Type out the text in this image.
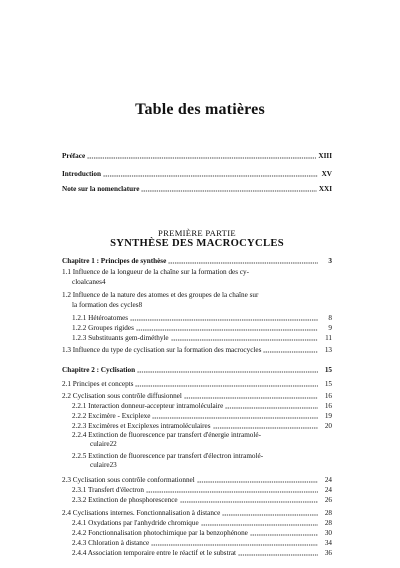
Table des matières
Préface	XIII
Introduction	XV
Note sur la nomenclature	XXI
PREMIÈRE PARTIE
SYNTHÈSE DES MACROCYCLES
Chapitre 1 : Principes de synthèse	3
1.1 Influence de la longueur de la chaîne sur la formation des cy-
cloalcanes 4
1.2 Influence de la nature des atomes et des groupes de la chaîne sur
la formation des cycles 8
1.2.1 Hétéroatomes	8
1.2.2 Groupes rigides	9
1.2.3 Substituants gem-diméthyle	11
1.3 Influence du type de cyclisation sur la formation des macrocycles	13
Chapitre 2 : Cyclisation	15
2.1 Principes et concepts	15
2.2 Cyclisation sous contrôle diffusionnel	16
2.2.1 Interaction donneur-accepteur intramoléculaire	16
2.2.2 Excimère - Exciplexe	19
2.2.3 Excimères et Exciplexes intramoléculaires	20
2.2.4 Extinction de fluorescence par transfert d'énergie intramolé-
culaire 22
2.2.5 Extinction de fluorescence par transfert d'électron intramolé-
culaire 23
2.3 Cyclisation sous contrôle conformationnel	24
2.3.1 Transfert d'électron	24
2.3.2 Extinction de phosphorescence	26
2.4 Cyclisations internes. Fonctionnalisation à distance	28
2.4.1 Oxydations par l'anhydride chromique	28
2.4.2 Fonctionnalisation photochimique par la benzophénone	30
2.4.3 Chloration à distance	34
2.4.4 Association temporaire entre le réactif et le substrat	36
